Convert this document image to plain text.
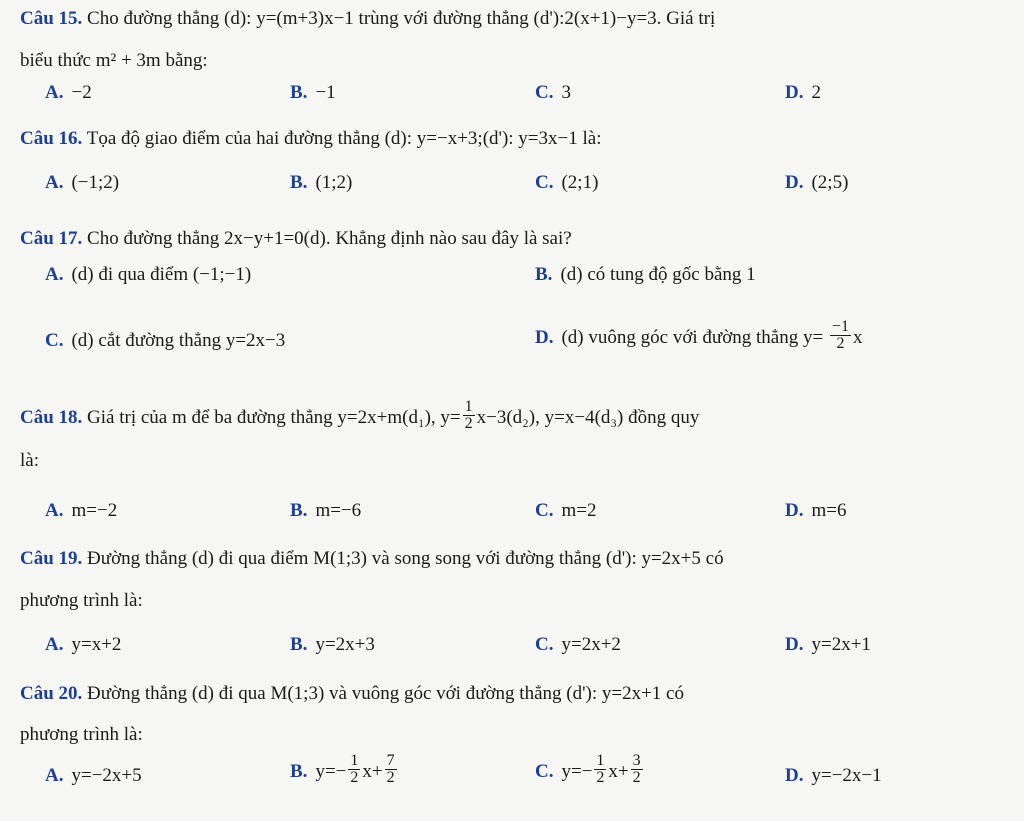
Câu 15. Cho đường thẳng (d): y=(m+3)x−1 trùng với đường thẳng (d'):2(x+1)−y=3. Giá trị
biểu thức m² + 3m bằng:
A. −2	B. −1	C. 3	D. 2
Câu 16. Tọa độ giao điểm của hai đường thẳng (d): y=−x+3;(d'): y=3x−1 là:
A. (−1;2)	B. (1;2)	C. (2;1)	D. (2;5)
Câu 17. Cho đường thẳng 2x−y+1=0(d). Khẳng định nào sau đây là sai?
A. (d) đi qua điểm (−1;−1)	B. (d) có tung độ gốc bằng 1
C. (d) cắt đường thẳng y=2x−3	D. (d) vuông góc với đường thẳng $y= \frac{-1}{2}$ x
Câu 18. Giá trị của m để ba đường thẳng y=2x+m(d₁), $y= \frac{1}{2} x-3(d_2)$, y=x−4(d₃) đồng quy
là:
A. m=−2	B. m=−6	C. m=2	D. m=6
Câu 19. Đường thẳng (d) đi qua điểm M(1;3) và song song với đường thẳng (d'): y=2x+5 có
phương trình là:
A. y=x+2	B. y=2x+3	C. y=2x+2	D. y=2x+1
Câu 20. Đường thẳng (d) đi qua M(1;3) và vuông góc với đường thẳng (d'): y=2x+1 có
phương trình là:
A. y=−2x+5	B. $y=- \frac{1}{2} x+ \frac{7}{2}$	C. $y=- \frac{1}{2} x+ \frac{3}{2}$	D. y=−2x−1
